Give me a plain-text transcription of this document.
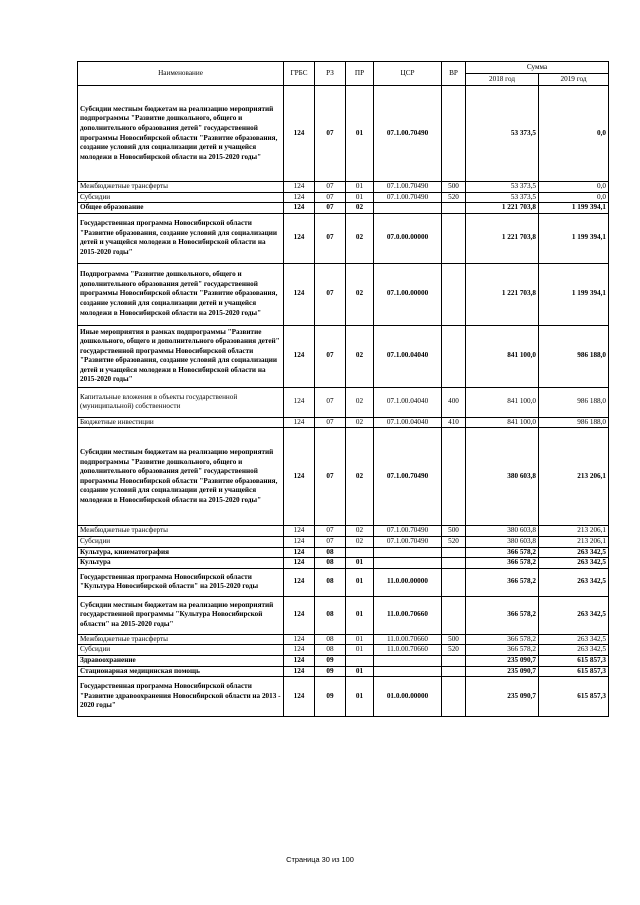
Наименование	ГРБС	РЗ	ПР	ЦСР	ВР	Сумма	
						2018 год	2019 год
Субсидии местным бюджетам на реализацию мероприятий подпрограммы "Развитие дошкольного, общего и дополнительного образования детей" государственной программы Новосибирской области "Развитие образования, создание условий для социализации детей и учащейся молодежи в Новосибирской области на 2015-2020 годы"	124	07	01	07.1.00.70490		53 373,5	0,0
Межбюджетные трансферты	124	07	01	07.1.00.70490	500	53 373,5	0,0
Субсидии	124	07	01	07.1.00.70490	520	53 373,5	0,0
Общее образование	124	07	02			1 221 703,8	1 199 394,1
Государственная программа Новосибирской области "Развитие образования, создание условий для социализации детей и учащейся молодежи в Новосибирской области на 2015-2020 годы"	124	07	02	07.0.00.00000		1 221 703,8	1 199 394,1
Подпрограмма "Развитие дошкольного, общего и дополнительного образования детей" государственной программы Новосибирской области "Развитие образования, создание условий для социализации детей и учащейся молодежи в Новосибирской области на 2015-2020 годы"	124	07	02	07.1.00.00000		1 221 703,8	1 199 394,1
Иные мероприятия в рамках подпрограммы "Развитие дошкольного, общего и дополнительного образования детей" государственной программы Новосибирской области "Развитие образования, создание условий для социализации детей и учащейся молодежи в Новосибирской области на 2015-2020 годы"	124	07	02	07.1.00.04040		841 100,0	986 188,0
Капитальные вложения в объекты государственной (муниципальной) собственности	124	07	02	07.1.00.04040	400	841 100,0	986 188,0
Бюджетные инвестиции	124	07	02	07.1.00.04040	410	841 100,0	986 188,0
Субсидии местным бюджетам на реализацию мероприятий подпрограммы "Развитие дошкольного, общего и дополнительного образования детей" государственной программы Новосибирской области "Развитие образования, создание условий для социализации детей и учащейся молодежи в Новосибирской области на 2015-2020 годы"	124	07	02	07.1.00.70490		380 603,8	213 206,1
Межбюджетные трансферты	124	07	02	07.1.00.70490	500	380 603,8	213 206,1
Субсидии	124	07	02	07.1.00.70490	520	380 603,8	213 206,1
Культура, кинематография	124	08				366 578,2	263 342,5
Культура	124	08	01			366 578,2	263 342,5
Государственная программа Новосибирской области "Культура Новосибирской области" на 2015-2020 годы	124	08	01	11.0.00.00000		366 578,2	263 342,5
Субсидии местным бюджетам на реализацию мероприятий государственной программы "Культура Новосибирской области" на 2015-2020 годы"	124	08	01	11.0.00.70660		366 578,2	263 342,5
Межбюджетные трансферты	124	08	01	11.0.00.70660	500	366 578,2	263 342,5
Субсидии	124	08	01	11.0.00.70660	520	366 578,2	263 342,5
Здравоохранение	124	09				235 090,7	615 857,3
Стационарная медицинская помощь	124	09	01			235 090,7	615 857,3
Государственная программа Новосибирской области "Развитие здравоохранения Новосибирской области на 2013 - 2020 годы"	124	09	01	01.0.00.00000		235 090,7	615 857,3
Страница 30 из 100
